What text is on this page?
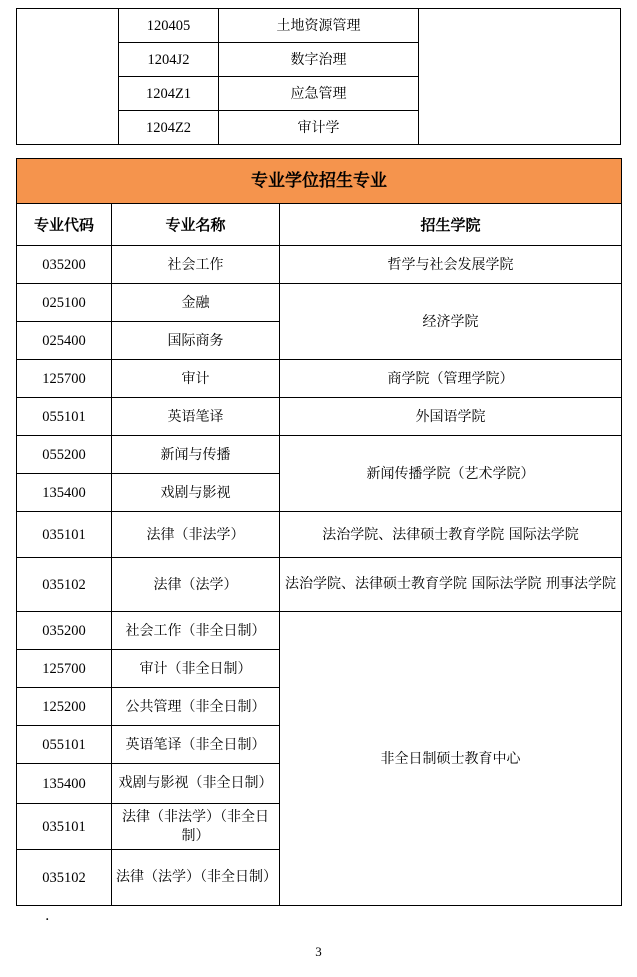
	120405	土地资源管理	
	1204J2	数字治理	
	1204Z1	应急管理	
	1204Z2	审计学	
专业学位招生专业		
专业代码	专业名称	招生学院
035200	社会工作	哲学与社会发展学院
025100	金融	经济学院
025400	国际商务	
125700	审计	商学院（管理学院）
055101	英语笔译	外国语学院
055200	新闻与传播	新闻传播学院（艺术学院）
135400	戏剧与影视	
035101	法律（非法学）	法治学院、法律硕士教育学院 国际法学院
035102	法律（法学）	法治学院、法律硕士教育学院 国际法学院 刑事法学院
035200	社会工作（非全日制）	非全日制硕士教育中心
125700	审计（非全日制）	
125200	公共管理（非全日制）	
055101	英语笔译（非全日制）	
135400	戏剧与影视（非全日制）	
035101	法律（非法学）（非全日制）	
035102	法律（法学）（非全日制）	
.
3
